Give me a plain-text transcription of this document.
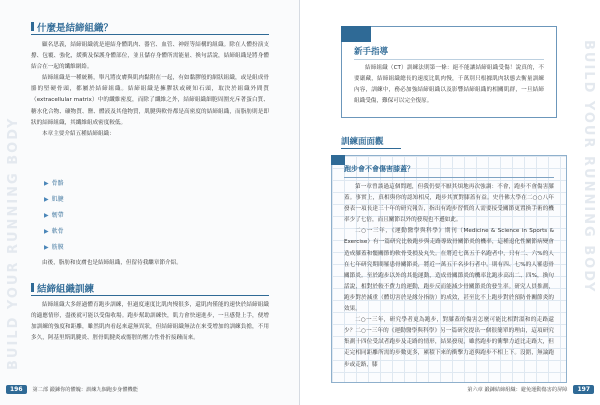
BUILD YOUR RUNNING BODY
什麼是結締組織？

顧名思義，結締組織就是連結身體肌肉、器官、血管、神經等結構的組織。除在人體扮演支撐、包覆、強化，緩衝及保護身體部位，並且儲存身體所需能量、換句話說，結締組織是將身體結合在一起的纖維網絡。

結締組織是一種統稱，舉凡將皮膚與肌肉黏附在一起，有如黏膠般的網狀組織，或是組成骨骼的堅硬骨頭，都屬於結締組織。結締組織是擁膠狀或硬知石頭，取決於組織外間質（extracellular matrix）中的纖維密度，而除了纖維之外，結締組織細胞周圍充斥著蛋白質、糖水化合物、礦物質、鹽、體液及其他物質，肌腱與軟骨都是高密度的結締組織，而脂肪則是即狀的結締組織，其纖維組成密度較低。

本章主要介紹五種結締組織：

▶ 骨骼
▶ 肌腱
▶ 韌帶
▶ 軟骨
▶ 筋膜

由後，脂肪和皮膚也是結締組織，但留待我繼章節介紹。

結締組織訓練

結締組織大多經過體育跑步訓練，但過度速度比肌肉慢很多，還肌肉僅能的速快於結締組織的適應情形，盡後就可能以受傷收場。跑步幫助訓練快，肌力會快速進步，一旦感覺上手，便增加訓練的強度和距離，雖然肌肉看起來還無異狀，但結締組織無法在來受增加的訓練負擔，不用多久，阿基里斯肌腱炎、脛骨肌腱炎或髂脛的壓力性骨折接踵而來。

196	第二部 鍛鍊你的體魄：訓練九個跑步身體機能
BUILD YOUR RUNNING BODY
新手指導

結締組織（CT）訓練法則第一條：絕不能讓結締組織受傷！說真的，不要嚴藏，結締組織總長的速度比肌肉慢，千萬別只根據肌肉狀態去衡量訓練內容，訓練中，務必加強結締組織以及影響結締組織的相關肌群，一旦結締組織受傷，難保可以完全復原。

訓練面面觀
跑步會不會傷害膝蓋？

第一章曾談過這個問題，但我仍要不厭其煩地再次強調：不會，跑步不會傷害膝蓋。事實上，真相與你的認知相反，跑步其實對膝蓋有益。史丹佛大學在二○○八年發表一項長達三十年的研究報告，指出有跑步習慣的人需要接受關節更置換手術的機率少了七倍，而且關節以外的發現也不遜如此。

二○一三年，《運動醫學與科學》期刊（Medicine & Science in Sports & Exercise）有一篇研究比較跑步與走路導致骨關節炎的機率，這種退化性關節病變會造成膝蓋和髖關節的軟骨受損及丸失。在將近七萬五千名跑者中，只有二、六%的人在七年研究期間罹患骨關節炎，將近一萬五千名步行者中，則有四、七%的人罹患骨關節炎。至於跑步以外的其他運動，造成骨關節炎的機率比跑步高出二、四%，換句話說，相對於較不費力的運動，跑步反而能減少骨關節炎的發生率。研究人員推測，跑步對於減重（體切害於是緣分指肪）的成效，甚至比不上跑步對於預防骨關節炎的效果。

二○一三年，研究學者更為跑步，對膝蓋的傷害怎麼可能比相對溫和的走路還少？二○一三年的《運動醫學與科學》另一篇研究提出一個很簡單的理由，這項研究集測十四位受試者跑步及走路的情形，結果發現，雖然跑步的衝擊力道比走路大，但走完相同距離所需的步數更多，累積下來的衝擊力道與跑步不相上下。沒錯，無論跑步或走路，膝

第六章 鍛鍊結締組織：避免運動傷害的屏障	197
